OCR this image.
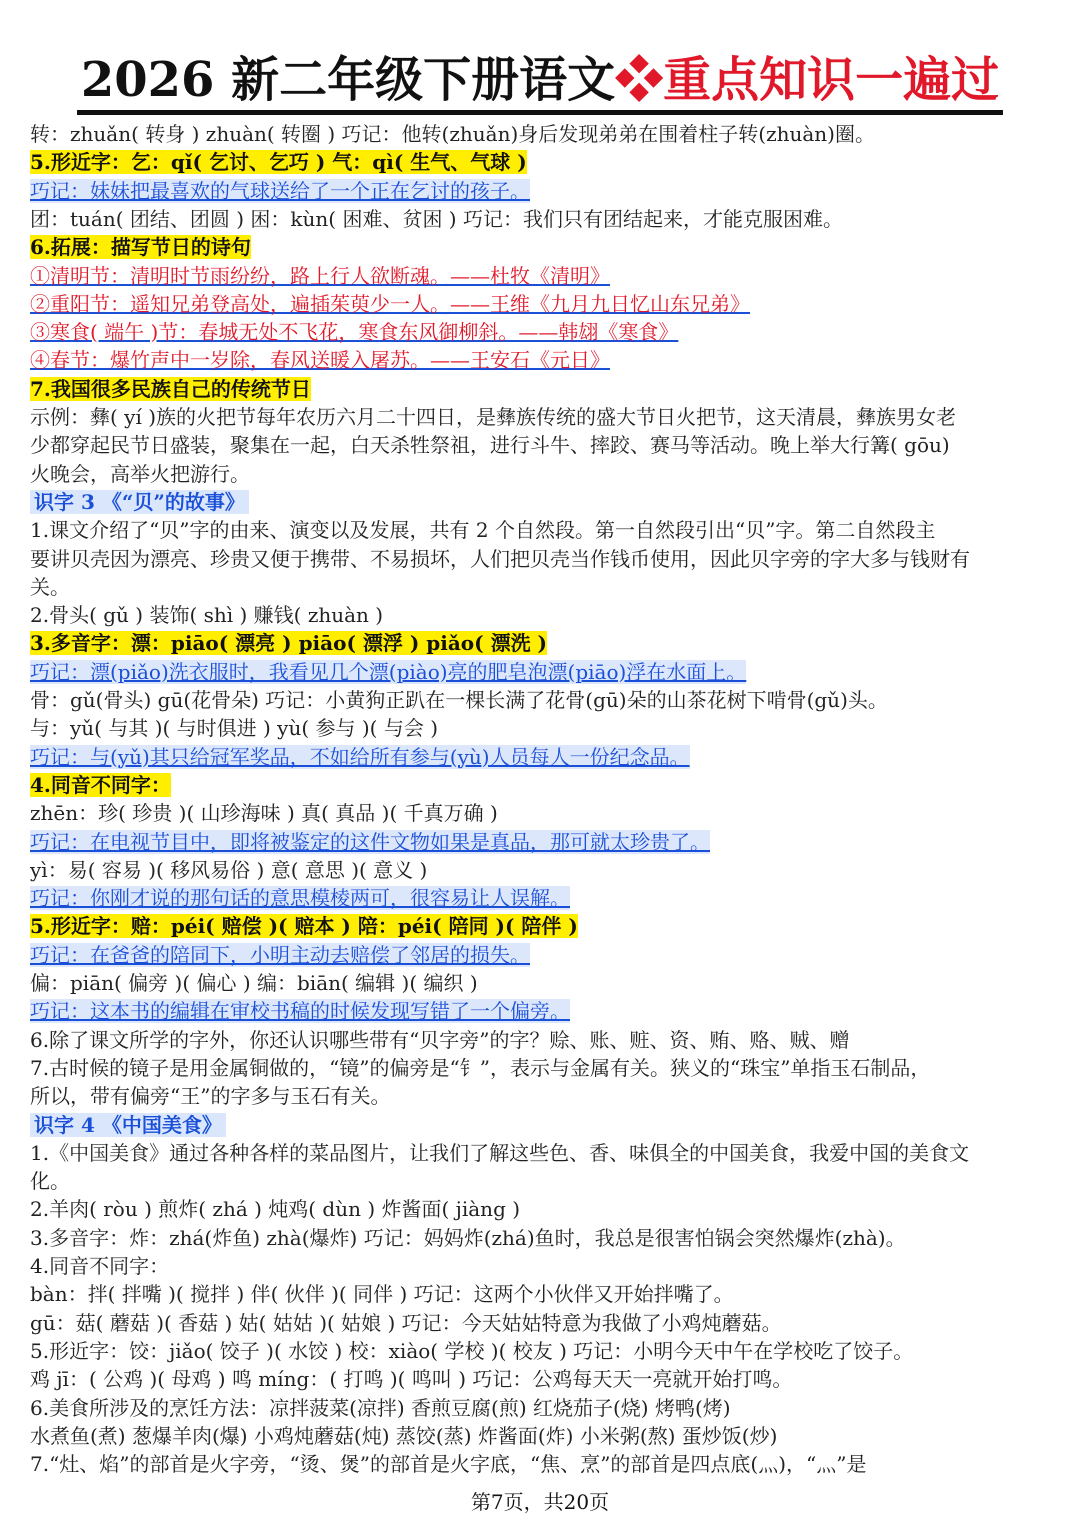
2026 新二年级下册语文❖重点知识一遍过
转：zhuǎn( 转身 ) zhuàn( 转圈 ) 巧记：他转(zhuǎn)身后发现弟弟在围着柱子转(zhuàn)圈。
5.形近字：乞：qǐ( 乞讨、乞巧 ) 气：qì( 生气、气球 )
巧记：妹妹把最喜欢的气球送给了一个正在乞讨的孩子。
团：tuán( 团结、团圆 ) 困：kùn( 困难、贫困 ) 巧记：我们只有团结起来，才能克服困难。
6.拓展：描写节日的诗句
①清明节：清明时节雨纷纷，路上行人欲断魂。——杜牧《清明》
②重阳节：遥知兄弟登高处，遍插茱萸少一人。——王维《九月九日忆山东兄弟》
③寒食( 端午 )节：春城无处不飞花，寒食东风御柳斜。——韩翃《寒食》
④春节：爆竹声中一岁除，春风送暖入屠苏。——王安石《元日》
7.我国很多民族自己的传统节日
示例：彝( yí )族的火把节每年农历六月二十四日，是彝族传统的盛大节日火把节，这天清晨，彝族男女老
少都穿起民节日盛装，聚集在一起，白天杀牲祭祖，进行斗牛、摔跤、赛马等活动。晚上举大行篝( gōu)
火晚会，高举火把游行。
识字 3 《“贝”的故事》
1.课文介绍了“贝”字的由来、演变以及发展，共有 2 个自然段。第一自然段引出“贝”字。第二自然段主
要讲贝壳因为漂亮、珍贵又便于携带、不易损坏，人们把贝壳当作钱币使用，因此贝字旁的字大多与钱财有
关。
2.骨头( gǔ ) 装饰( shì ) 赚钱( zhuàn )
3.多音字：漂：piāo( 漂亮 ) piāo( 漂浮 ) piǎo( 漂洗 )
巧记：漂(piǎo)洗衣服时，我看见几个漂(piào)亮的肥皂泡漂(piāo)浮在水面上。
骨：gǔ(骨头) gū(花骨朵) 巧记：小黄狗正趴在一棵长满了花骨(gū)朵的山茶花树下啃骨(gǔ)头。
与：yǔ( 与其 )( 与时俱进 ) yù( 参与 )( 与会 )
巧记：与(yǔ)其只给冠军奖品，不如给所有参与(yù)人员每人一份纪念品。
4.同音不同字：
zhēn：珍( 珍贵 )( 山珍海味 ) 真( 真品 )( 千真万确 )
巧记：在电视节目中，即将被鉴定的这件文物如果是真品，那可就太珍贵了。
yì：易( 容易 )( 移风易俗 ) 意( 意思 )( 意义 )
巧记：你刚才说的那句话的意思模棱两可，很容易让人误解。
5.形近字：赔：péi( 赔偿 )( 赔本 ) 陪：péi( 陪同 )( 陪伴 )
巧记：在爸爸的陪同下，小明主动去赔偿了邻居的损失。
偏：piān( 偏旁 )( 偏心 ) 编：biān( 编辑 )( 编织 )
巧记：这本书的编辑在审校书稿的时候发现写错了一个偏旁。
6.除了课文所学的字外，你还认识哪些带有“贝字旁”的字？赊、账、赃、资、贿、赂、贼、赠
7.古时候的镜子是用金属铜做的，“镜”的偏旁是“钅”，表示与金属有关。狭义的“珠宝”单指玉石制品，
所以，带有偏旁“王”的字多与玉石有关。
识字 4 《中国美食》
1.《中国美食》通过各种各样的菜品图片，让我们了解这些色、香、味俱全的中国美食，我爱中国的美食文
化。
2.羊肉( ròu ) 煎炸( zhá ) 炖鸡( dùn ) 炸酱面( jiàng )
3.多音字：炸：zhá(炸鱼) zhà(爆炸) 巧记：妈妈炸(zhá)鱼时，我总是很害怕锅会突然爆炸(zhà)。
4.同音不同字：
bàn：拌( 拌嘴 )( 搅拌 ) 伴( 伙伴 )( 同伴 ) 巧记：这两个小伙伴又开始拌嘴了。
gū：菇( 蘑菇 )( 香菇 ) 姑( 姑姑 )( 姑娘 ) 巧记：今天姑姑特意为我做了小鸡炖蘑菇。
5.形近字：饺：jiǎo( 饺子 )( 水饺 ) 校：xiào( 学校 )( 校友 ) 巧记：小明今天中午在学校吃了饺子。
鸡 jī：( 公鸡 )( 母鸡 ) 鸣 míng：( 打鸣 )( 鸣叫 ) 巧记：公鸡每天天一亮就开始打鸣。
6.美食所涉及的烹饪方法：凉拌菠菜(凉拌) 香煎豆腐(煎) 红烧茄子(烧) 烤鸭(烤)
水煮鱼(煮) 葱爆羊肉(爆) 小鸡炖蘑菇(炖) 蒸饺(蒸) 炸酱面(炸) 小米粥(熬) 蛋炒饭(炒)
7.“灶、焰”的部首是火字旁，“烫、煲”的部首是火字底，“焦、烹”的部首是四点底(灬)，“灬”是
第7页，共20页
